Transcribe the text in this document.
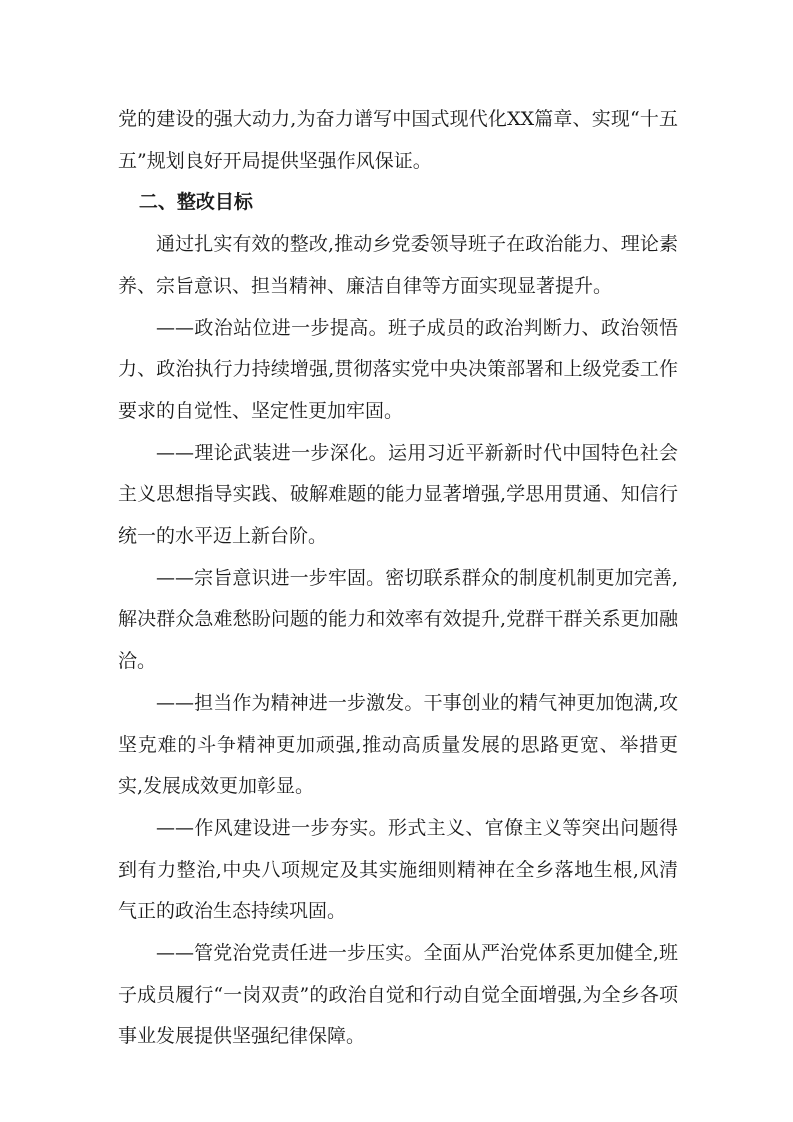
党的建设的强大动力,为奋力谱写中国式现代化XX篇章、实现“十五五”规划良好开局提供坚强作风保证。

二、整改目标

通过扎实有效的整改,推动乡党委领导班子在政治能力、理论素养、宗旨意识、担当精神、廉洁自律等方面实现显著提升。

——政治站位进一步提高。班子成员的政治判断力、政治领悟力、政治执行力持续增强,贯彻落实党中央决策部署和上级党委工作要求的自觉性、坚定性更加牢固。

——理论武装进一步深化。运用习近平新新时代中国特色社会主义思想指导实践、破解难题的能力显著增强,学思用贯通、知信行统一的水平迈上新台阶。

——宗旨意识进一步牢固。密切联系群众的制度机制更加完善,解决群众急难愁盼问题的能力和效率有效提升,党群干群关系更加融洽。

——担当作为精神进一步激发。干事创业的精气神更加饱满,攻坚克难的斗争精神更加顽强,推动高质量发展的思路更宽、举措更实,发展成效更加彰显。

——作风建设进一步夯实。形式主义、官僚主义等突出问题得到有力整治,中央八项规定及其实施细则精神在全乡落地生根,风清气正的政治生态持续巩固。

——管党治党责任进一步压实。全面从严治党体系更加健全,班子成员履行“一岗双责”的政治自觉和行动自觉全面增强,为全乡各项事业发展提供坚强纪律保障。
